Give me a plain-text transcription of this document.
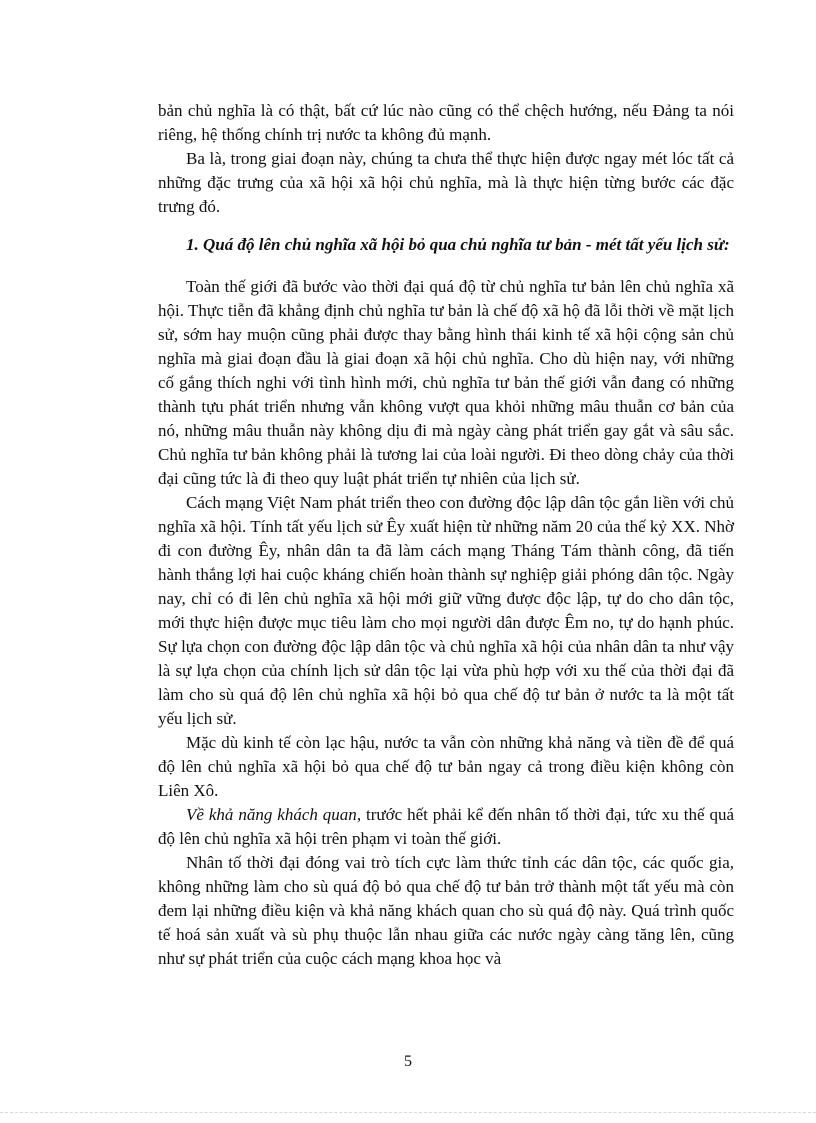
bản chủ nghĩa là có thật, bất cứ lúc nào cũng có thể chệch hướng, nếu Đảng ta nói riêng, hệ thống chính trị nước ta không đủ mạnh.

Ba là, trong giai đoạn này, chúng ta chưa thể thực hiện được ngay mét lóc tất cả những đặc trưng của xã hội xã hội chủ nghĩa, mà là thực hiện từng bước các đặc trưng đó.

1. Quá độ lên chủ nghĩa xã hội bỏ qua chủ nghĩa tư bản - mét tất yếu lịch sử:

Toàn thế giới đã bước vào thời đại quá độ từ chủ nghĩa tư bản lên chủ nghĩa xã hội. Thực tiễn đã khẳng định chủ nghĩa tư bản là chế độ xã hộ đã lỗi thời về mặt lịch sử, sớm hay muộn cũng phải được thay bằng hình thái kinh tế xã hội cộng sản chủ nghĩa mà giai đoạn đầu là giai đoạn xã hội chủ nghĩa. Cho dù hiện nay, với những cố gắng thích nghi với tình hình mới, chủ nghĩa tư bản thế giới vẫn đang có những thành tựu phát triển nhưng vẫn không vượt qua khỏi những mâu thuẫn cơ bản của nó, những mâu thuẫn này không dịu đi mà ngày càng phát triển gay gắt và sâu sắc. Chủ nghĩa tư bản không phải là tương lai của loài người. Đi theo dòng chảy của thời đại cũng tức là đi theo quy luật phát triển tự nhiên của lịch sử.

Cách mạng Việt Nam phát triển theo con đường độc lập dân tộc gắn liền với chủ nghĩa xã hội. Tính tất yếu lịch sử Êy xuất hiện từ những năm 20 của thế kỷ XX. Nhờ đi con đường Êy, nhân dân ta đã làm cách mạng Tháng Tám thành công, đã tiến hành thắng lợi hai cuộc kháng chiến hoàn thành sự nghiệp giải phóng dân tộc. Ngày nay, chỉ có đi lên chủ nghĩa xã hội mới giữ vững được độc lập, tự do cho dân tộc, mới thực hiện được mục tiêu làm cho mọi người dân được Êm no, tự do hạnh phúc. Sự lựa chọn con đường độc lập dân tộc và chủ nghĩa xã hội của nhân dân ta như vậy là sự lựa chọn của chính lịch sử dân tộc lại vừa phù hợp với xu thế của thời đại đã làm cho sù quá độ lên chủ nghĩa xã hội bỏ qua chế độ tư bản ở nước ta là một tất yếu lịch sử.

Mặc dù kinh tế còn lạc hậu, nước ta vẫn còn những khả năng và tiền đề để quá độ lên chủ nghĩa xã hội bỏ qua chế độ tư bản ngay cả trong điều kiện không còn Liên Xô.

Về khả năng khách quan, trước hết phải kể đến nhân tố thời đại, tức xu thế quá độ lên chủ nghĩa xã hội trên phạm vi toàn thế giới.

Nhân tố thời đại đóng vai trò tích cực làm thức tỉnh các dân tộc, các quốc gia, không những làm cho sù quá độ bỏ qua chế độ tư bản trở thành một tất yếu mà còn đem lại những điều kiện và khả năng khách quan cho sù quá độ này. Quá trình quốc tế hoá sản xuất và sù phụ thuộc lẫn nhau giữa các nước ngày càng tăng lên, cũng như sự phát triển của cuộc cách mạng khoa học và

5
